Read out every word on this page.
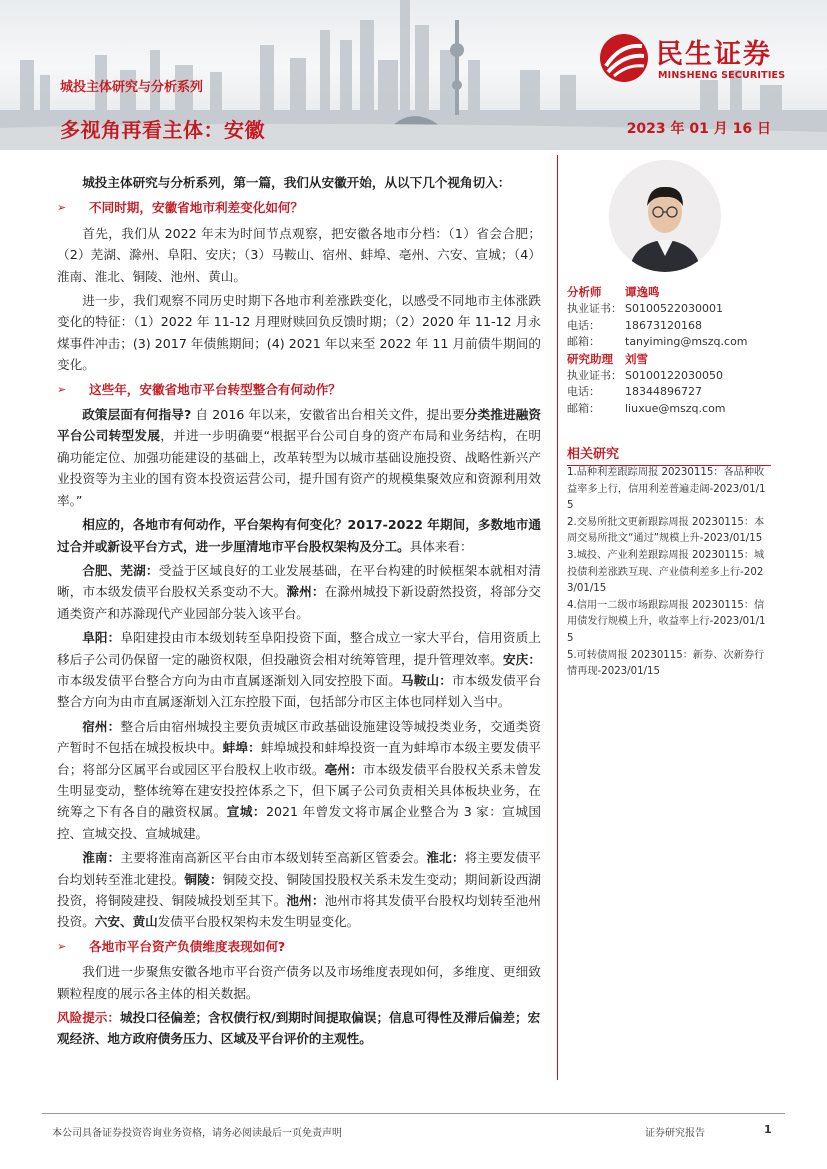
民生证券
MINSHENG SECURITIES
城投主体研究与分析系列
多视角再看主体：安徽	2023 年 01 月 16 日
城投主体研究与分析系列，第一篇，我们从安徽开始，从以下几个视角切入：
➢ 不同时期，安徽省地市利差变化如何？
首先，我们从 2022 年末为时间节点观察，把安徽各地市分档：（1）省会合肥；（2）芜湖、滁州、阜阳、安庆；（3）马鞍山、宿州、蚌埠、亳州、六安、宣城；（4）淮南、淮北、铜陵、池州、黄山。
进一步，我们观察不同历史时期下各地市利差涨跌变化，以感受不同地市主体涨跌变化的特征：（1）2022 年 11-12 月理财赎回负反馈时期；（2）2020 年 11-12 月永煤事件冲击；(3) 2017 年债熊期间；(4) 2021 年以来至 2022 年 11 月前债牛期间的变化。
➢ 这些年，安徽省地市平台转型整合有何动作？
政策层面有何指导? 自 2016 年以来，安徽省出台相关文件，提出要分类推进融资平台公司转型发展，并进一步明确要“根据平台公司自身的资产布局和业务结构，在明确功能定位、加强功能建设的基础上，改革转型为以城市基础设施投资、战略性新兴产业投资等为主业的国有资本投资运营公司，提升国有资产的规模集聚效应和资源利用效率。”
相应的，各地市有何动作，平台架构有何变化？2017-2022 年期间，多数地市通过合并或新设平台方式，进一步厘清地市平台股权架构及分工。具体来看：
合肥、芜湖：受益于区域良好的工业发展基础，在平台构建的时候框架本就相对清晰，市本级发债平台股权关系变动不大。滁州：在滁州城投下新设蔚然投资，将部分交通类资产和苏滁现代产业园部分装入该平台。
阜阳：阜阳建投由市本级划转至阜阳投资下面，整合成立一家大平台，信用资质上移后子公司仍保留一定的融资权限，但投融资会相对统筹管理，提升管理效率。安庆：市本级发债平台整合方向为由市直属逐渐划入同安控股下面。马鞍山：市本级发债平台整合方向为由市直属逐渐划入江东控股下面，包括部分市区主体也同样划入当中。
宿州：整合后由宿州城投主要负责城区市政基础设施建设等城投类业务，交通类资产暂时不包括在城投板块中。蚌埠：蚌埠城投和蚌埠投资一直为蚌埠市本级主要发债平台；将部分区属平台或园区平台股权上收市级。亳州：市本级发债平台股权关系未曾发生明显变动，整体统筹在建安投控体系之下，但下属子公司负责相关具体板块业务，在统筹之下有各自的融资权属。宣城：2021 年曾发文将市属企业整合为 3 家：宣城国控、宣城交投、宣城城建。
淮南：主要将淮南高新区平台由市本级划转至高新区管委会。淮北：将主要发债平台均划转至淮北建投。铜陵：铜陵交投、铜陵国投股权关系未发生变动；期间新设西湖投资，将铜陵建投、铜陵城投划至其下。池州：池州市将其发债平台股权均划转至池州投资。六安、黄山发债平台股权架构未发生明显变化。
➢ 各地市平台资产负债维度表现如何?
我们进一步聚焦安徽各地市平台资产债务以及市场维度表现如何，多维度、更细致颗粒程度的展示各主体的相关数据。
风险提示：城投口径偏差；含权债行权/到期时间提取偏误；信息可得性及滞后偏差；宏观经济、地方政府债务压力、区域及平台评价的主观性。
分析师	谭逸鸣
执业证书： S0100522030001
电话：	18673120168
邮箱：	tanyiming@mszq.com
研究助理	刘雪
执业证书： S0100122030050
电话：	18344896727
邮箱：	liuxue@mszq.com
相关研究
1.品种利差跟踪周报 20230115：各品种收益率多上行，信用利差普遍走阔-2023/01/15
2.交易所批文更新跟踪周报 20230115：本周交易所批文“通过”规模上升-2023/01/15
3.城投、产业利差跟踪周报 20230115：城投债利差涨跌互现、产业债利差多上行-2023/01/15
4.信用一二级市场跟踪周报 20230115：信用债发行规模上升，收益率上行-2023/01/15
5.可转债周报 20230115：新券、次新券行情再现-2023/01/15
本公司具备证券投资咨询业务资格，请务必阅读最后一页免责声明	证券研究报告	1
